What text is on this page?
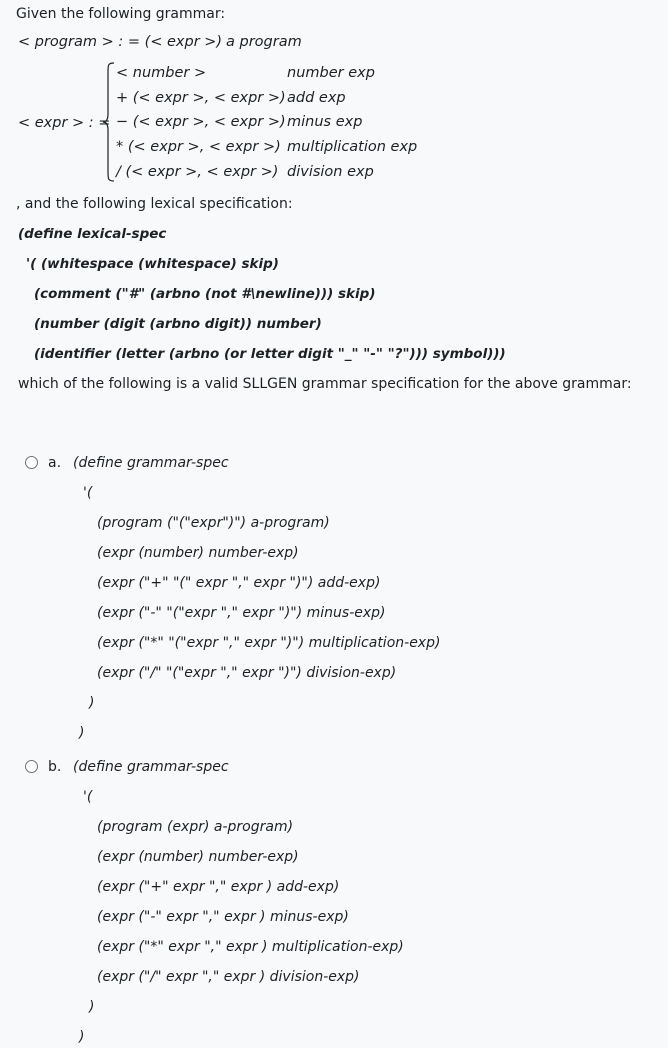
Given the following grammar:
< program > : = (< expr >) a program
< expr > : =
< number >	number exp
+ (< expr >, < expr >) add exp
− (< expr >, < expr >) minus exp
* (< expr >, < expr >) multiplication exp
/ (< expr >, < expr >) division exp
, and the following lexical specification:
(define lexical-spec
'( (whitespace (whitespace) skip)
(comment ("#" (arbno (not #\newline))) skip)
(number (digit (arbno digit)) number)
(identifier (letter (arbno (or letter digit "_" "-" "?"))) symbol)))
which of the following is a valid SLLGEN grammar specification for the above grammar:
a. (define grammar-spec
'(
(program ("("expr")") a-program)
(expr (number) number-exp)
(expr ("+" "(" expr "," expr ")") add-exp)
(expr ("-" "("expr "," expr ")") minus-exp)
(expr ("*" "("expr "," expr ")") multiplication-exp)
(expr ("/" "("expr "," expr ")") division-exp)
)
)
b. (define grammar-spec
'(
(program (expr) a-program)
(expr (number) number-exp)
(expr ("+" expr "," expr ) add-exp)
(expr ("-" expr "," expr ) minus-exp)
(expr ("*" expr "," expr ) multiplication-exp)
(expr ("/" expr "," expr ) division-exp)
)
)
